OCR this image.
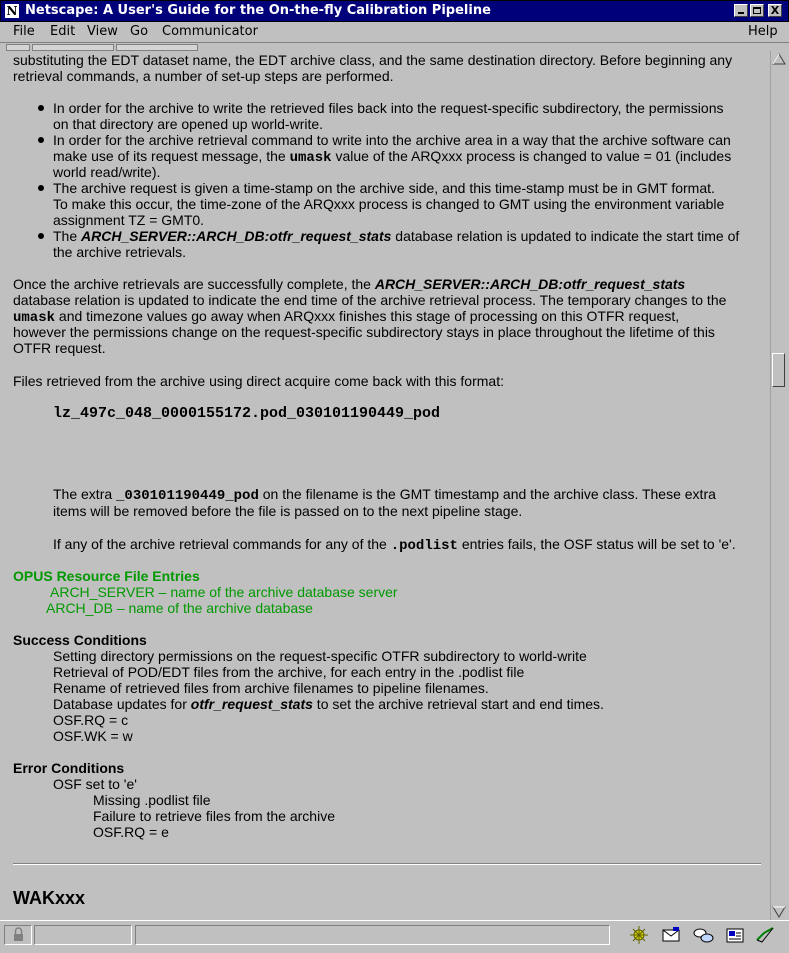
N Netscape: A User's Guide for the On-the-fly Calibration Pipeline	X
File Edit View Go Communicator	Help
substituting the EDT dataset name, the EDT archive class, and the same destination directory. Before beginning any
retrieval commands, a number of set-up steps are performed.
In order for the archive to write the retrieved files back into the request-specific subdirectory, the permissions
on that directory are opened up world-write.
In order for the archive retrieval command to write into the archive area in a way that the archive software can
make use of its request message, the umask value of the ARQxxx process is changed to value = 01 (includes
world read/write).
The archive request is given a time-stamp on the archive side, and this time-stamp must be in GMT format.
To make this occur, the time-zone of the ARQxxx process is changed to GMT using the environment variable
assignment TZ = GMT0.
The ARCH_SERVER::ARCH_DB:otfr_request_stats database relation is updated to indicate the start time of
the archive retrievals.
Once the archive retrievals are successfully complete, the ARCH_SERVER::ARCH_DB:otfr_request_stats
database relation is updated to indicate the end time of the archive retrieval process. The temporary changes to the
umask and timezone values go away when ARQxxx finishes this stage of processing on this OTFR request,
however the permissions change on the request-specific subdirectory stays in place throughout the lifetime of this
OTFR request.
Files retrieved from the archive using direct acquire come back with this format:
lz_497c_048_0000155172.pod_030101190449_pod
The extra _030101190449_pod on the filename is the GMT timestamp and the archive class. These extra
items will be removed before the file is passed on to the next pipeline stage.
If any of the archive retrieval commands for any of the .podlist entries fails, the OSF status will be set to 'e'.
OPUS Resource File Entries
ARCH_SERVER – name of the archive database server
ARCH_DB – name of the archive database
Success Conditions
Setting directory permissions on the request-specific OTFR subdirectory to world-write
Retrieval of POD/EDT files from the archive, for each entry in the .podlist file
Rename of retrieved files from archive filenames to pipeline filenames.
Database updates for otfr_request_stats to set the archive retrieval start and end times.
OSF.RQ = c
OSF.WK = w
Error Conditions
OSF set to 'e'
Missing .podlist file
Failure to retrieve files from the archive
OSF.RQ = e
WAKxxx
